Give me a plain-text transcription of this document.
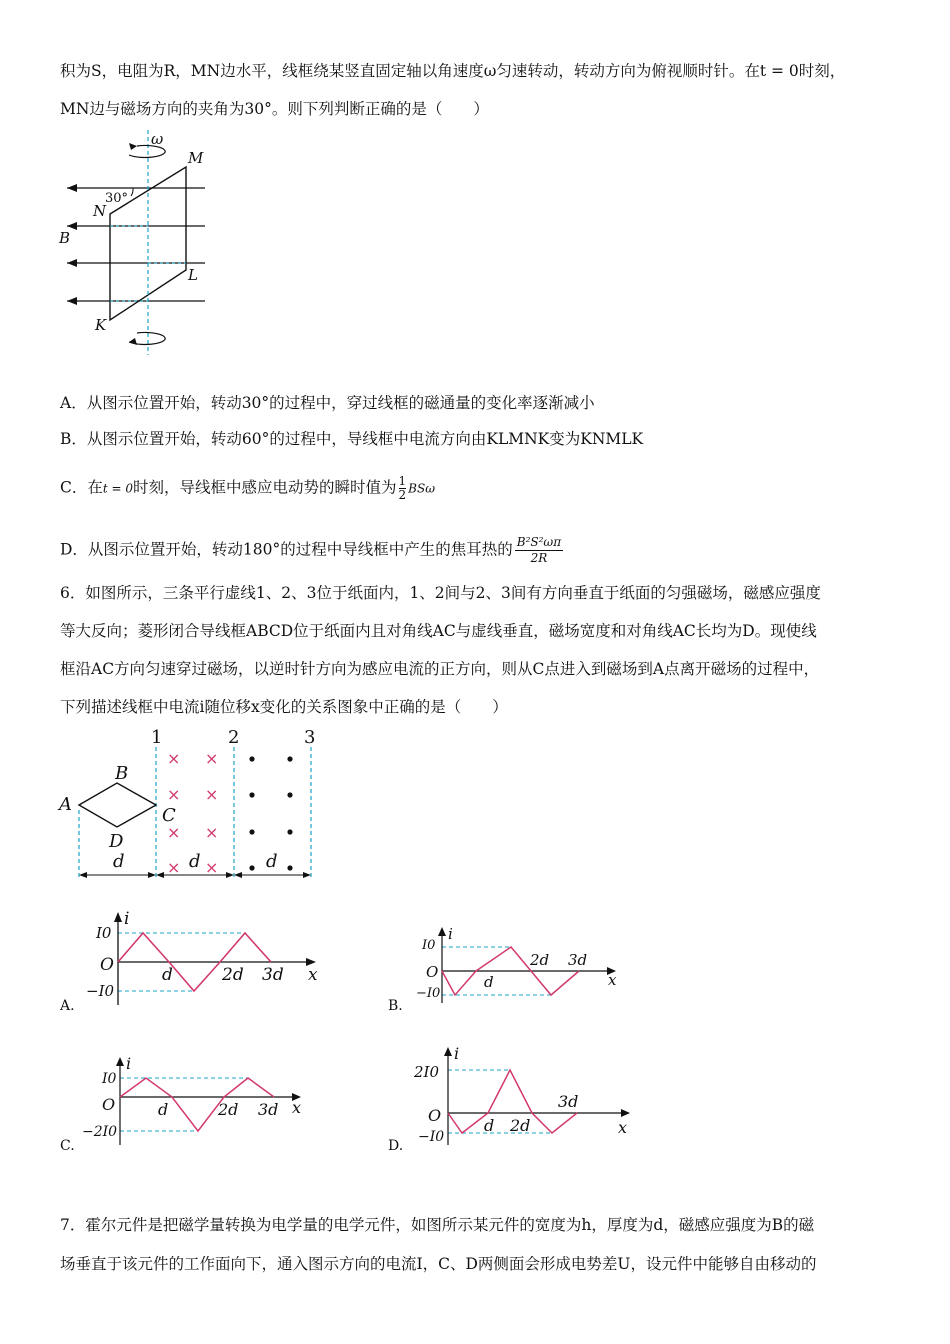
积为S，电阻为R，MN边水平，线框绕某竖直固定轴以角速度ω匀速转动，转动方向为俯视顺时针。在t = 0时刻，
MN边与磁场方向的夹角为30°。则下列判断正确的是（　　）
ω
30°
M
N
B
L
K
A．从图示位置开始，转动30°的过程中，穿过线框的磁通量的变化率逐渐减小
B．从图示位置开始，转动60°的过程中，导线框中电流方向由KLMNK变为KNMLK
C．在t = 0时刻，导线框中感应电动势的瞬时值为 $\frac{1}{2}$ BSω
D．从图示位置开始，转动180°的过程中导线框中产生的焦耳热的 $\frac{\text{B²S²ωπ}}{2R}$
6．如图所示，三条平行虚线1、2、3位于纸面内，1、2间与2、3间有方向垂直于纸面的匀强磁场，磁感应强度
等大反向；菱形闭合导线框ABCD位于纸面内且对角线AC与虚线垂直，磁场宽度和对角线AC长均为D。现使线
框沿AC方向匀速穿过磁场，以逆时针方向为感应电流的正方向，则从C点进入到磁场到A点离开磁场的过程中，
下列描述线框中电流i随位移x变化的关系图象中正确的是（　　）
× ×
× ×
× ×
× ×
1	2	3
A
B
C
D
d	d	d
A.
i
I0
O
−I0
d	2d 3d x
B.
i
I0
O
−I0
d
2d 3d
x
C.
i
I0
O
−2I0
d	2d 3d x
D.
i
2I0
O
−I0
d 2d
3d
x
7．霍尔元件是把磁学量转换为电学量的电学元件，如图所示某元件的宽度为h，厚度为d，磁感应强度为B的磁
场垂直于该元件的工作面向下，通入图示方向的电流I，C、D两侧面会形成电势差U，设元件中能够自由移动的
